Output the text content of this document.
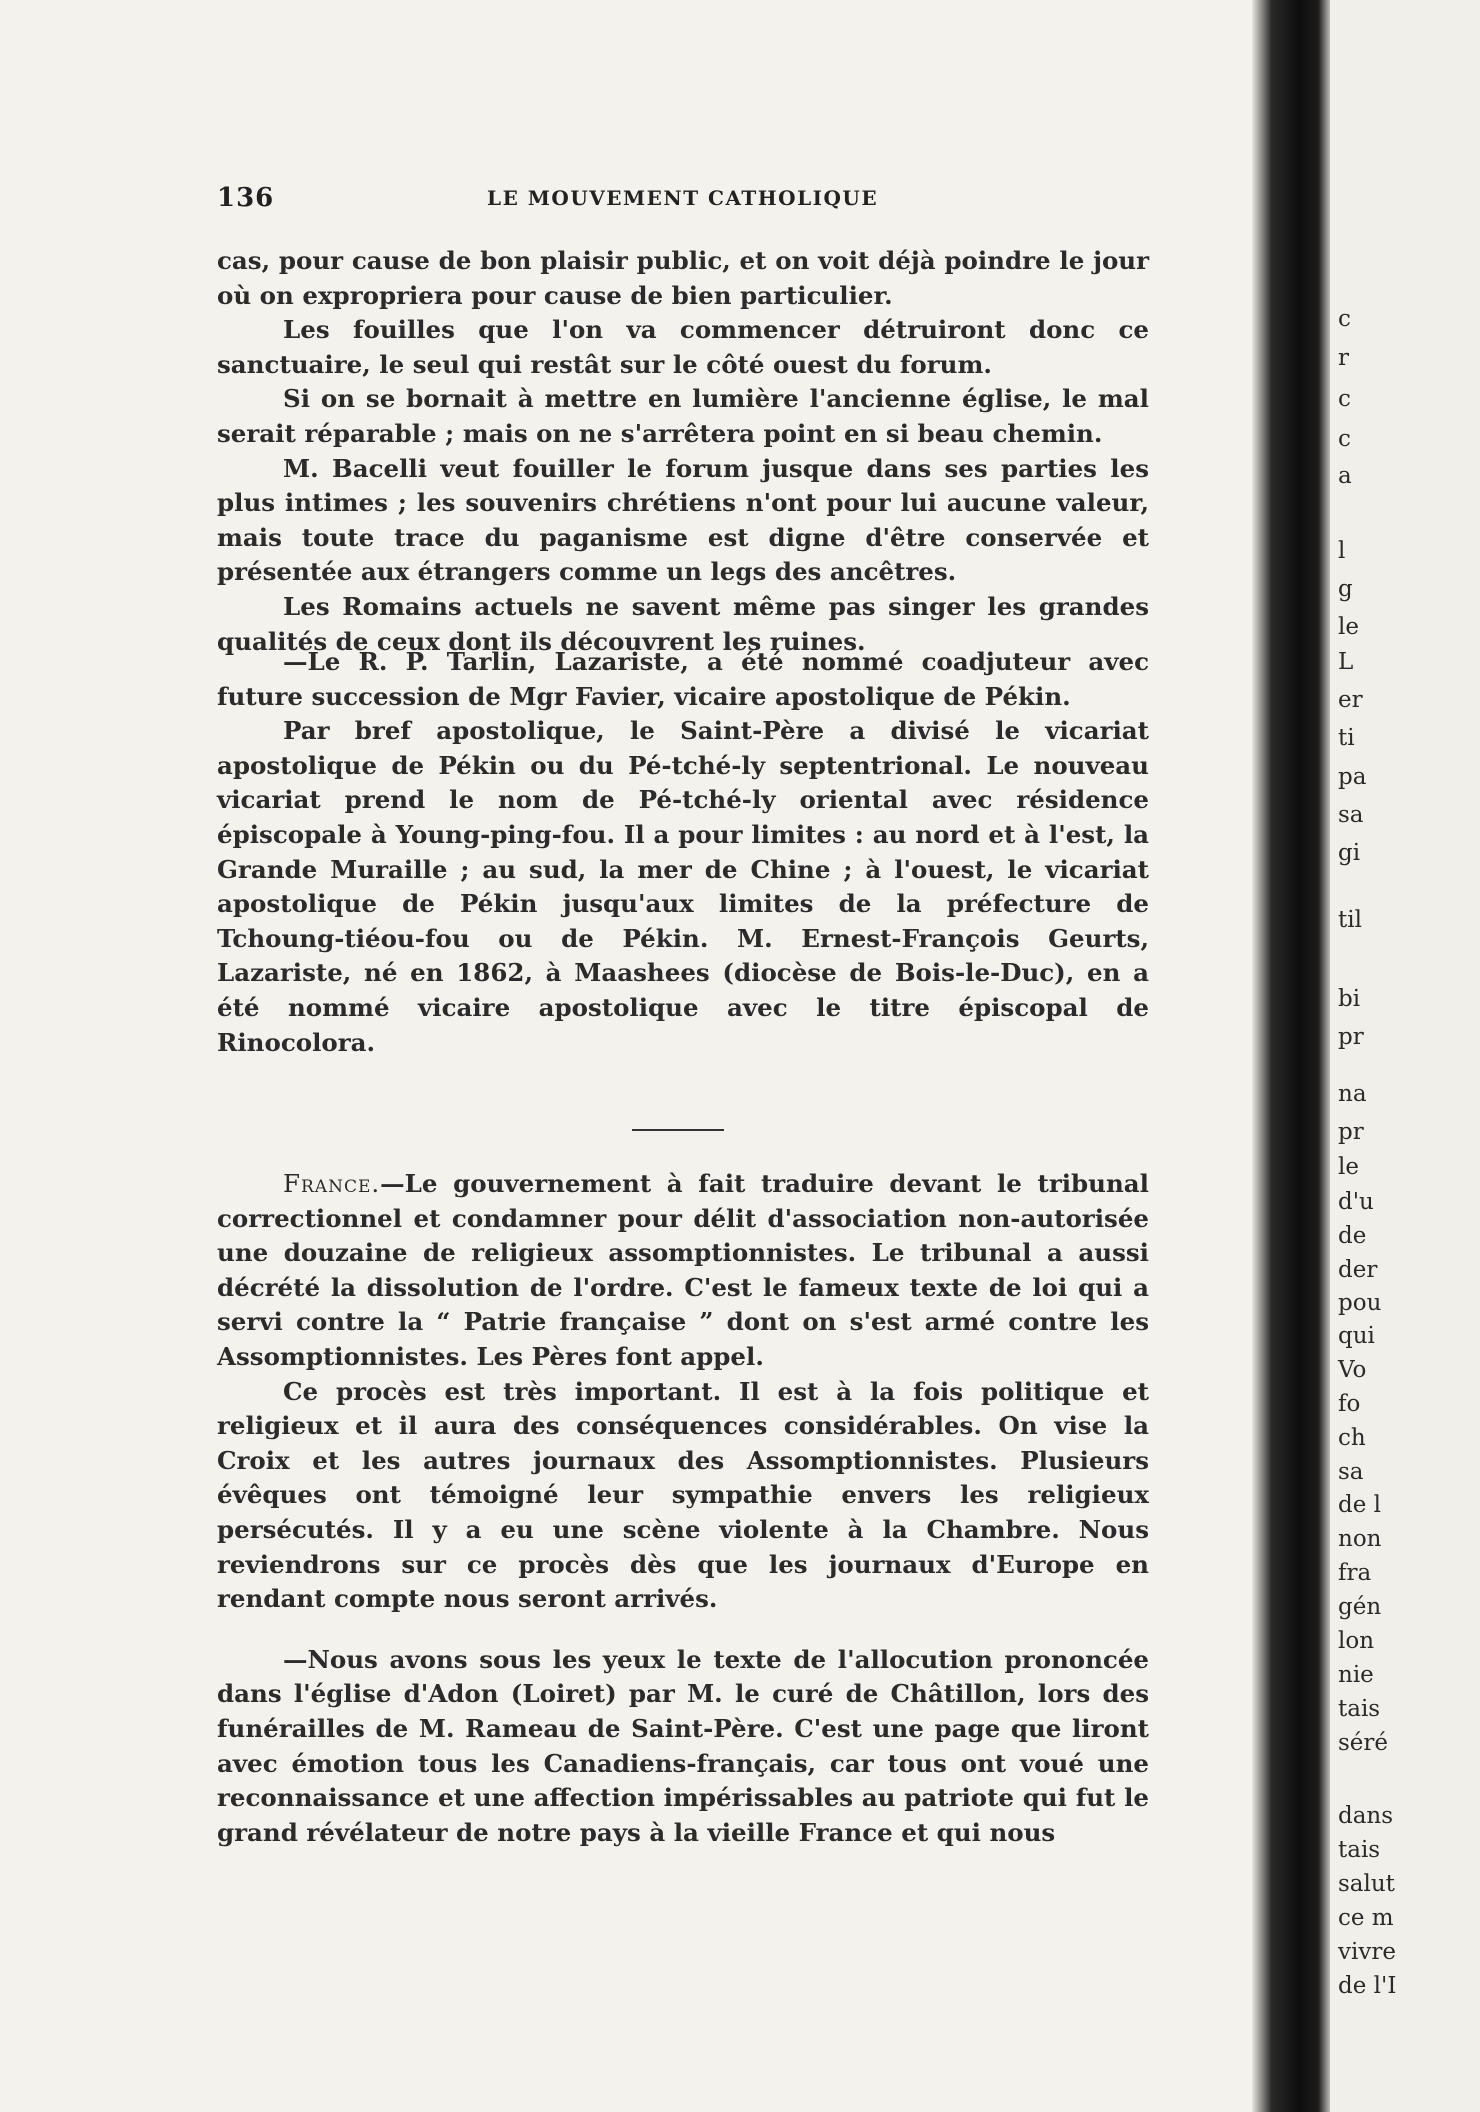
136	LE MOUVEMENT CATHOLIQUE

cas, pour cause de bon plaisir public, et on voit déjà poindre le jour où on expropriera pour cause de bien particulier.

Les fouilles que l'on va commencer détruiront donc ce sanctuaire, le seul qui restât sur le côté ouest du forum.

Si on se bornait à mettre en lumière l'ancienne église, le mal serait réparable ; mais on ne s'arrêtera point en si beau chemin.

M. Bacelli veut fouiller le forum jusque dans ses parties les plus intimes ; les souvenirs chrétiens n'ont pour lui aucune valeur, mais toute trace du paganisme est digne d'être conservée et présentée aux étrangers comme un legs des ancêtres.

Les Romains actuels ne savent même pas singer les grandes qualités de ceux dont ils découvrent les ruines.

—Le R. P. Tarlin, Lazariste, a été nommé coadjuteur avec future succession de Mgr Favier, vicaire apostolique de Pékin.

Par bref apostolique, le Saint-Père a divisé le vicariat apostolique de Pékin ou du Pé-tché-ly septentrional. Le nouveau vicariat prend le nom de Pé-tché-ly oriental avec résidence épiscopale à Young-ping-fou. Il a pour limites : au nord et à l'est, la Grande Muraille ; au sud, la mer de Chine ; à l'ouest, le vicariat apostolique de Pékin jusqu'aux limites de la préfecture de Tchoung-tiéou-fou ou de Pékin. M. Ernest-François Geurts, Lazariste, né en 1862, à Maashees (diocèse de Bois-le-Duc), en a été nommé vicaire apostolique avec le titre épiscopal de Rinocolora.

France.—Le gouvernement à fait traduire devant le tribunal correctionnel et condamner pour délit d'association non-autorisée une douzaine de religieux assomptionnistes. Le tribunal a aussi décrété la dissolution de l'ordre. C'est le fameux texte de loi qui a servi contre la “ Patrie française ” dont on s'est armé contre les Assomptionnistes. Les Pères font appel.

Ce procès est très important. Il est à la fois politique et religieux et il aura des conséquences considérables. On vise la Croix et les autres journaux des Assomptionnistes. Plusieurs évêques ont témoigné leur sympathie envers les religieux persécutés. Il y a eu une scène violente à la Chambre. Nous reviendrons sur ce procès dès que les journaux d'Europe en rendant compte nous seront arrivés.

—Nous avons sous les yeux le texte de l'allocution prononcée dans l'église d'Adon (Loiret) par M. le curé de Châtillon, lors des funérailles de M. Rameau de Saint-Père. C'est une page que liront avec émotion tous les Canadiens-français, car tous ont voué une reconnaissance et une affection impérissables au patriote qui fut le grand révélateur de notre pays à la vieille France et qui nous

c
r
c
c
a
l
g
le
L
er
ti
pa
sa
gi
til
bi
pr
na
pr
le
d'u
de
der
pou
qui
Vo
fo
ch
sa
de l
non
fra
gén
lon
nie
tais
séré
dans
tais
salut
ce m
vivre
de l'I
